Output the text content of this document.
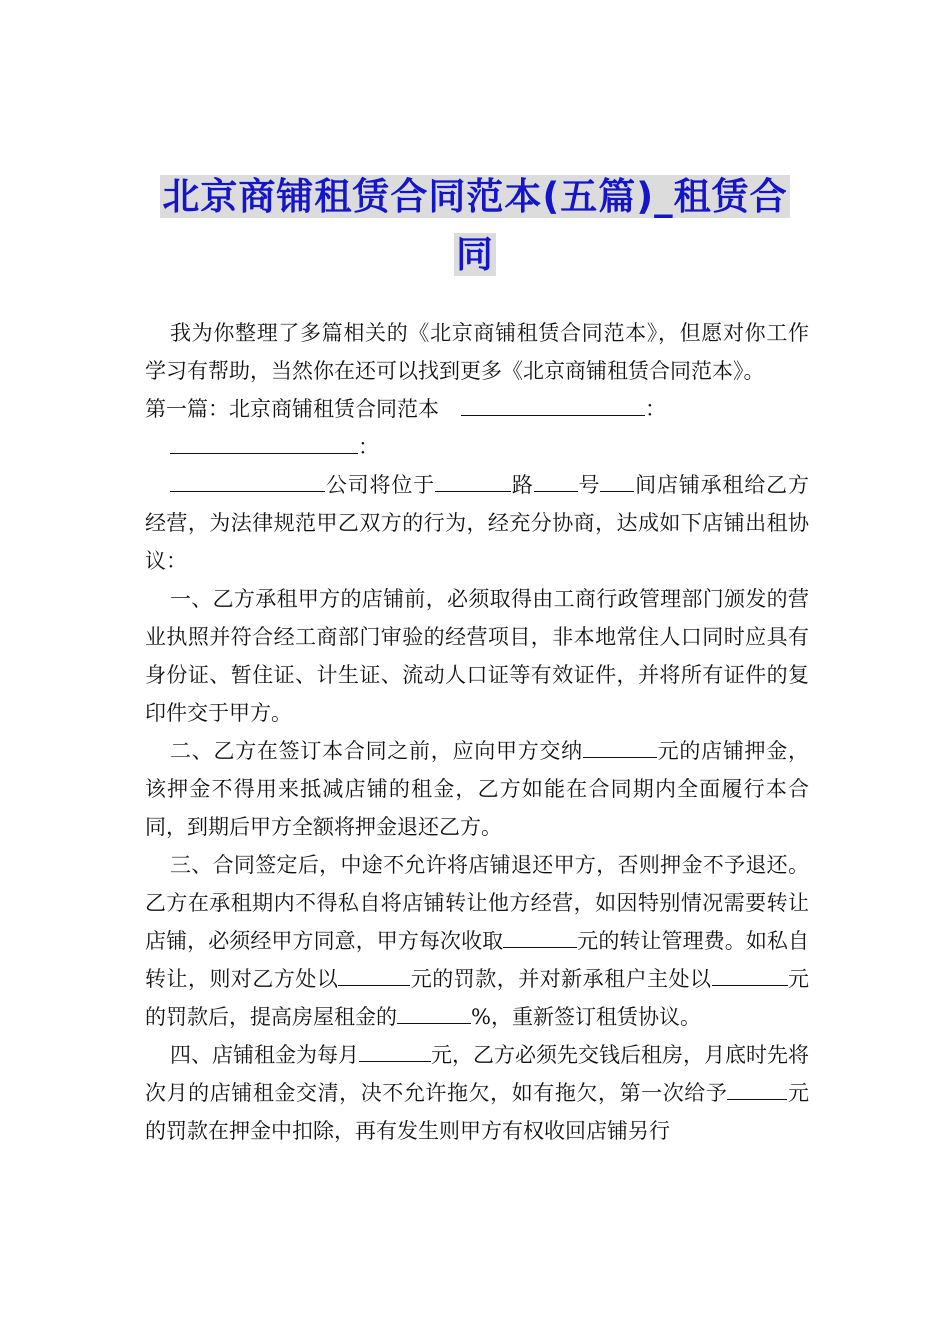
北京商铺租赁合同范本(五篇)_租赁合
同

我为你整理了多篇相关的《北京商铺租赁合同范本》，但愿对你工作学习有帮助，当然你在还可以找到更多《北京商铺租赁合同范本》。

第一篇：北京商铺租赁合同范本	：

：

公司将位于	路 号 间店铺承租给乙方经营，为法律规范甲乙双方的行为，经充分协商，达成如下店铺出租协议：

一、乙方承租甲方的店铺前，必须取得由工商行政管理部门颁发的营业执照并符合经工商部门审验的经营项目，非本地常住人口同时应具有身份证、暂住证、计生证、流动人口证等有效证件，并将所有证件的复印件交于甲方。

二、乙方在签订本合同之前，应向甲方交纳	元的店铺押金，该押金不得用来抵减店铺的租金，乙方如能在合同期内全面履行本合同，到期后甲方全额将押金退还乙方。

三、合同签定后，中途不允许将店铺退还甲方，否则押金不予退还。乙方在承租期内不得私自将店铺转让他方经营，如因特别情况需要转让店铺，必须经甲方同意，甲方每次收取	元的转让管理费。如私自转让，则对乙方处以	元的罚款，并对新承租户主处以	元的罚款后，提高房屋租金的	%，重新签订租赁协议。

四、店铺租金为每月	元，乙方必须先交钱后租房，月底时先将次月的店铺租金交清，决不允许拖欠，如有拖欠，第一次给予	元的罚款在押金中扣除，再有发生则甲方有权收回店铺另行
